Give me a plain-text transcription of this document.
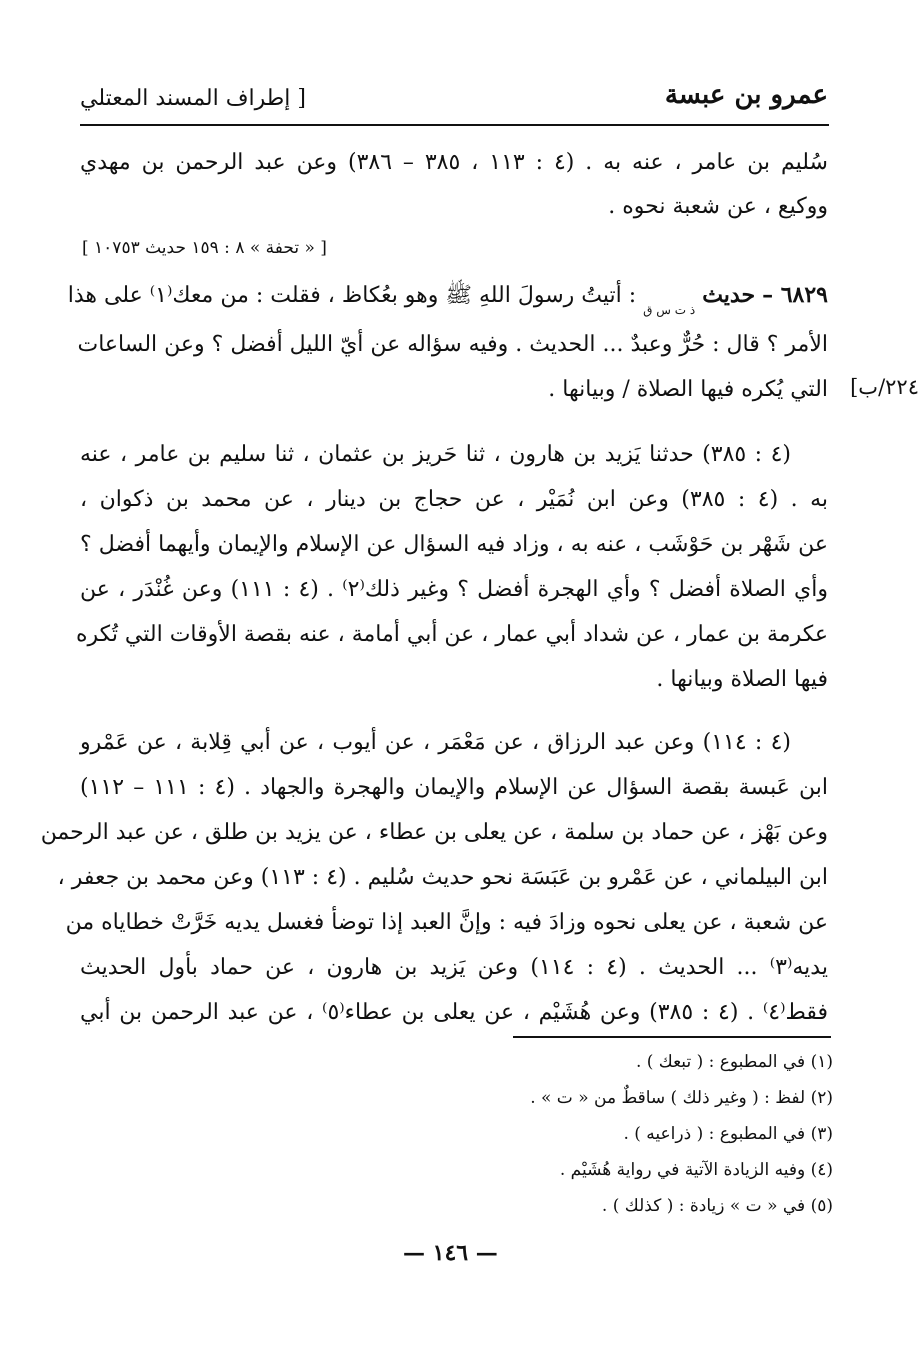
عمرو بن عبسة
[ إطراف المسند المعتلي
سُليم بن عامر ، عنه به . (٤ : ١١٣ ، ٣٨٥ – ٣٨٦) وعن عبد الرحمن بن مهدي
ووكيع ، عن شعبة نحوه .
[ « تحفة » ٨ : ١٥٩ حديث ١٠٧٥٣ ]
٦٨٢٩ – حديث $_{ذ ت س ق}$ : أتيتُ رسولَ اللهِ ﷺ وهو بعُكاظ ، فقلت : من معك⁽١⁾ على هذا
الأمر ؟ قال : حُرٌّ وعبدٌ ... الحديث . وفيه سؤاله عن أيّ الليل أفضل ؟ وعن الساعات
التي يُكره فيها الصلاة / وبيانها . ٢٢٤/ب]
(٤ : ٣٨٥) حدثنا يَزيد بن هارون ، ثنا حَريز بن عثمان ، ثنا سليم بن عامر ، عنه
به . (٤ : ٣٨٥) وعن ابن نُمَيْر ، عن حجاج بن دينار ، عن محمد بن ذكوان ،
عن شَهْر بن حَوْشَب ، عنه به ، وزاد فيه السؤال عن الإسلام والإيمان وأيهما أفضل ؟
وأي الصلاة أفضل ؟ وأي الهجرة أفضل ؟ وغير ذلك⁽٢⁾ . (٤ : ١١١) وعن غُنْدَر ، عن
عكرمة بن عمار ، عن شداد أبي عمار ، عن أبي أمامة ، عنه بقصة الأوقات التي تُكره
فيها الصلاة وبيانها .
(٤ : ١١٤) وعن عبد الرزاق ، عن مَعْمَر ، عن أيوب ، عن أبي قِلابة ، عن عَمْرو
ابن عَبسة بقصة السؤال عن الإسلام والإيمان والهجرة والجهاد . (٤ : ١١١ – ١١٢)
وعن بَهْز ، عن حماد بن سلمة ، عن يعلى بن عطاء ، عن يزيد بن طلق ، عن عبد الرحمن
ابن البيلماني ، عن عَمْرو بن عَبَسَة نحو حديث سُليم . (٤ : ١١٣) وعن محمد بن جعفر ،
عن شعبة ، عن يعلى نحوه وزادَ فيه : وإنَّ العبد إذا توضأ فغسل يديه خَرَّتْ خطاياه من
يديه⁽٣⁾ ... الحديث . (٤ : ١١٤) وعن يَزيد بن هارون ، عن حماد بأول الحديث
فقط⁽٤⁾ . (٤ : ٣٨٥) وعن هُشَيْم ، عن يعلى بن عطاء⁽٥⁾ ، عن عبد الرحمن بن أبي
(١) في المطبوع : ( تبعك ) .
(٢) لفظ : ( وغير ذلك ) ساقطٌ من « ت » .
(٣) في المطبوع : ( ذراعيه ) .
(٤) وفيه الزيادة الآتية في رواية هُشَيْم .
(٥) في « ت » زيادة : ( كذلك ) .
— ١٤٦ —
